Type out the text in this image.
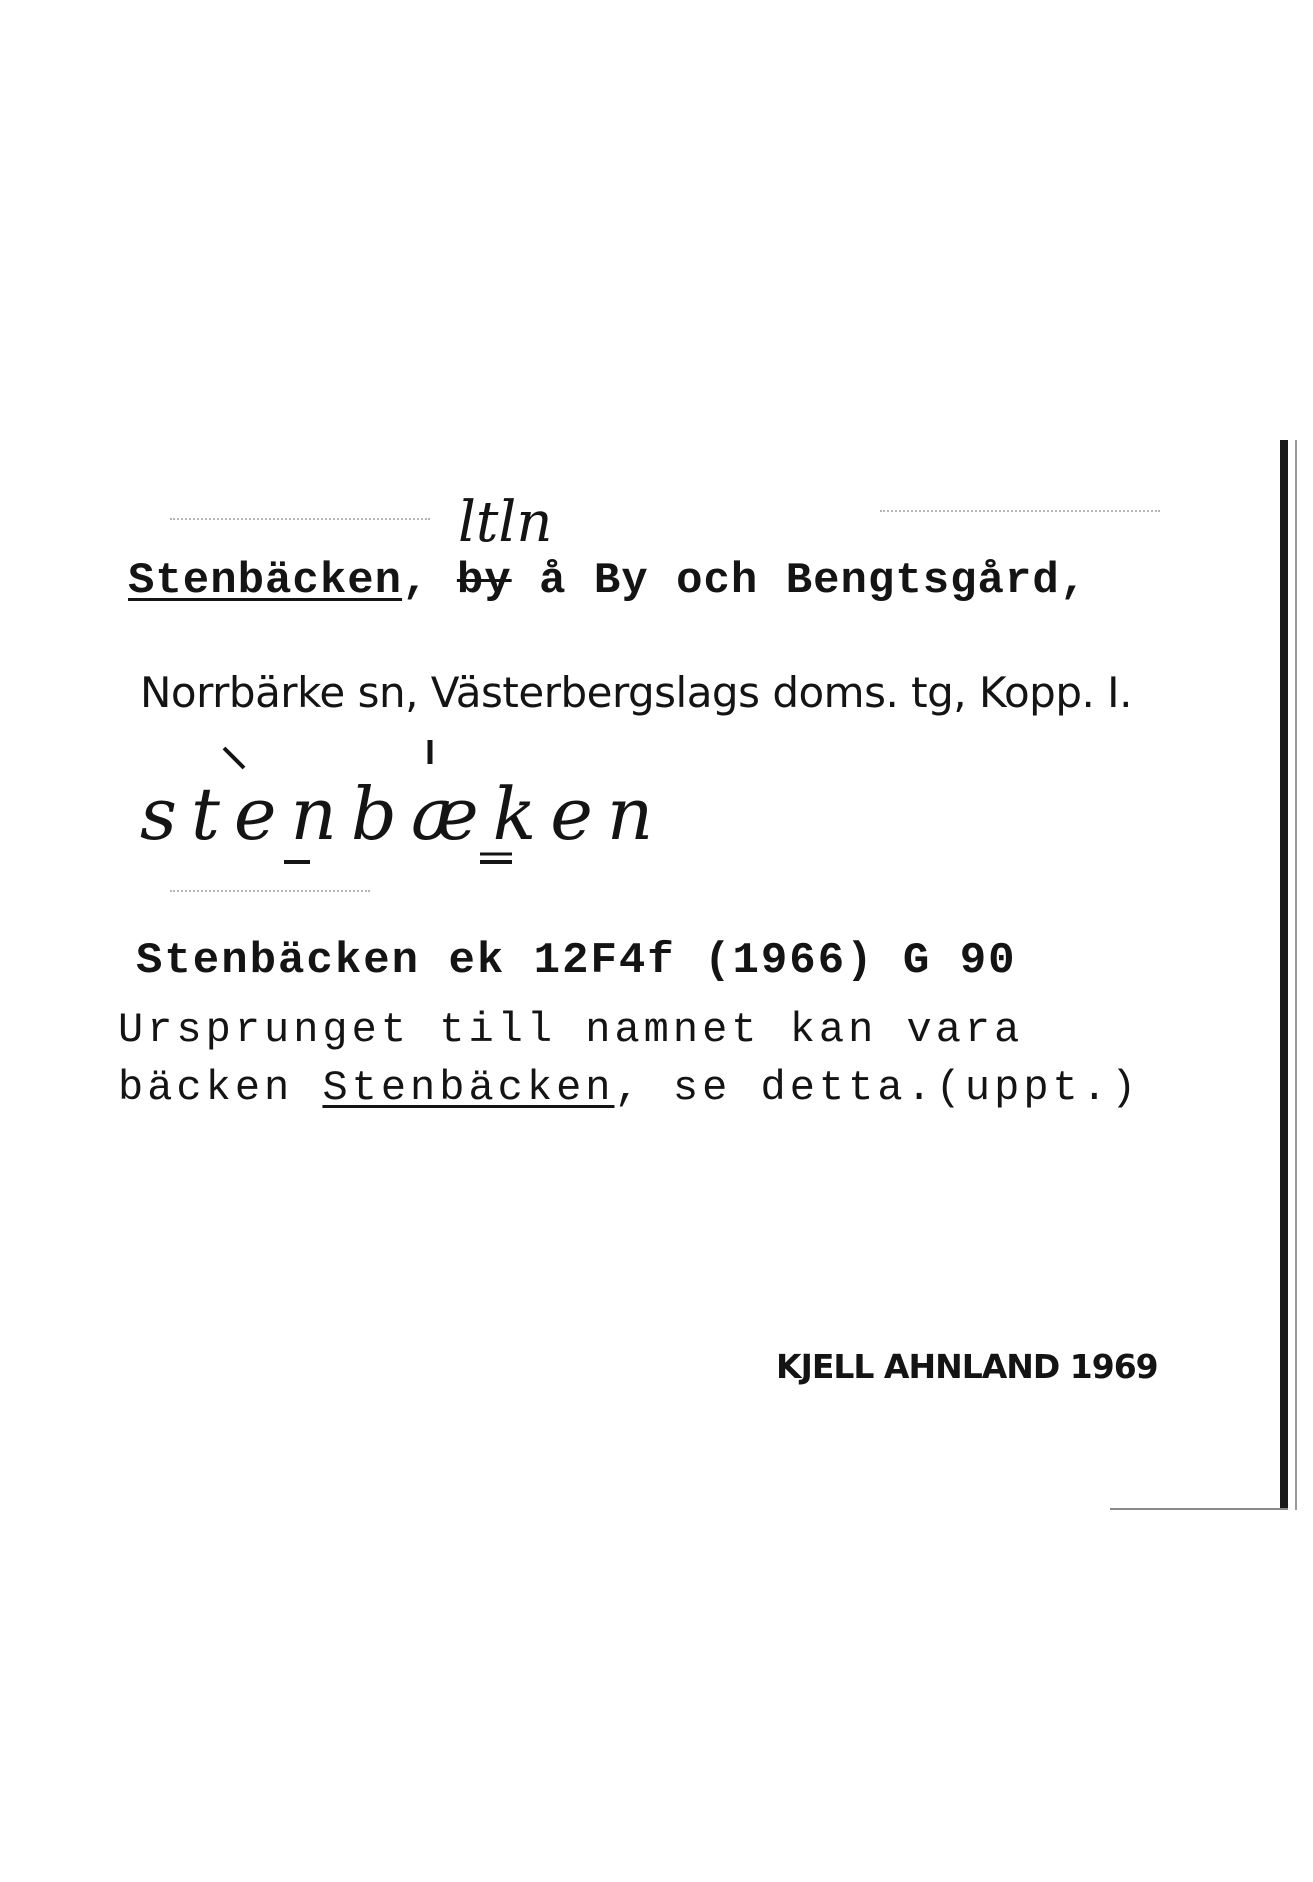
ltln

Stenbäcken, by å By och Bengtsgård,

Norrbärke sn, Västerbergslags doms. tg, Kopp. I.

stenbæken

Stenbäcken ek 12F4f (1966) G 90

Ursprunget till namnet kan vara

bäcken Stenbäcken, se detta.(uppt.)

KJELL AHNLAND 1969
